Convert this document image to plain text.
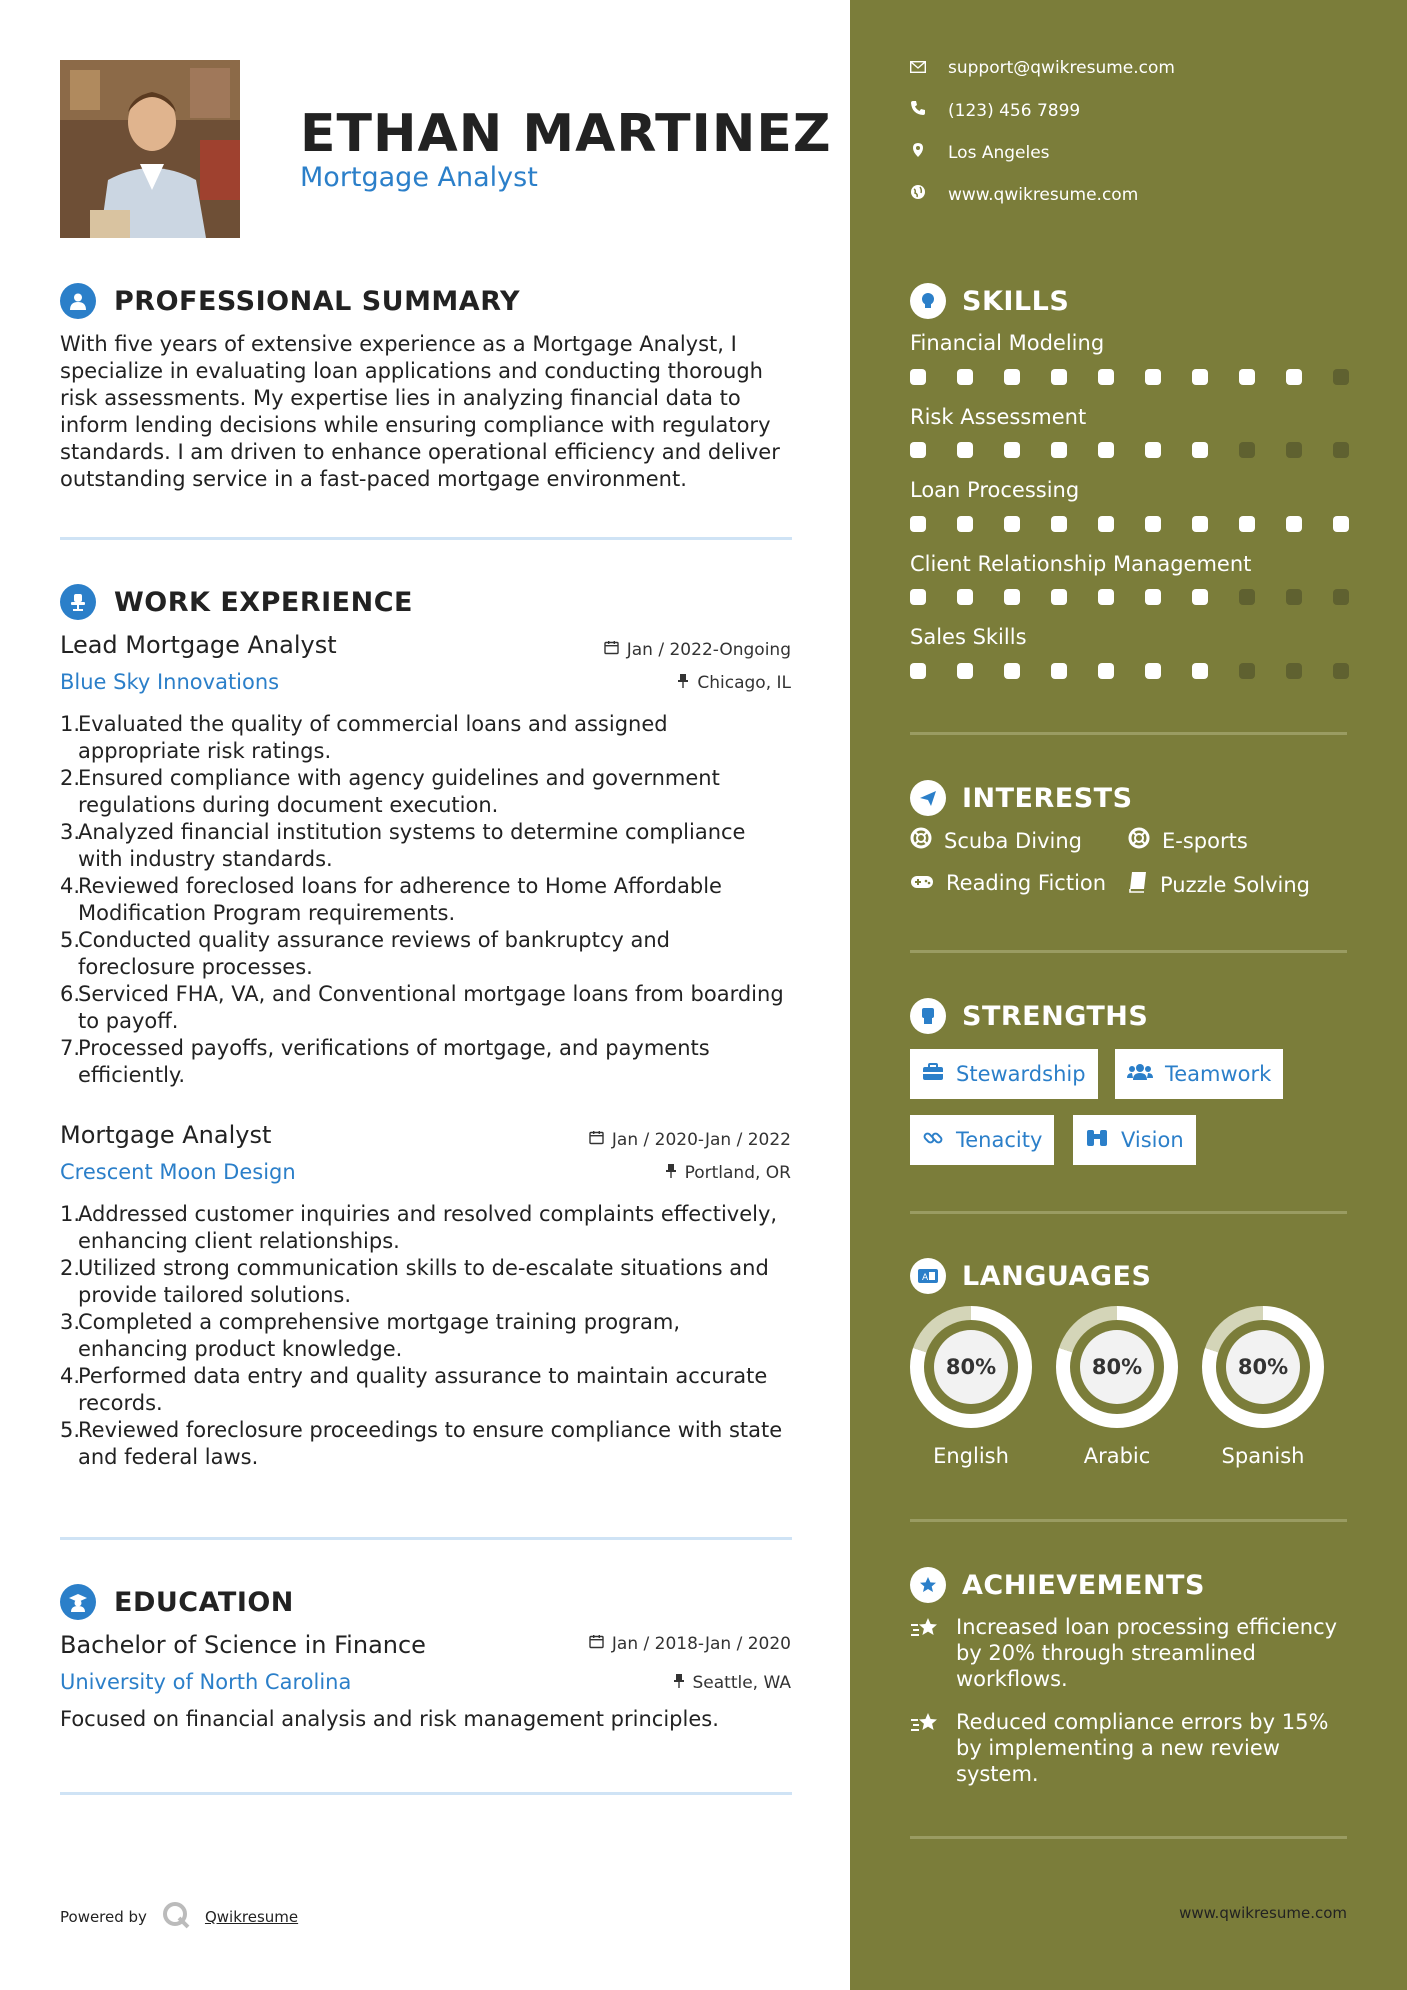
ETHAN MARTINEZ
Mortgage Analyst
PROFESSIONAL SUMMARY
With five years of extensive experience as a Mortgage Analyst, I specialize in evaluating loan applications and conducting thorough risk assessments. My expertise lies in analyzing financial data to inform lending decisions while ensuring compliance with regulatory standards. I am driven to enhance operational efficiency and deliver outstanding service in a fast-paced mortgage environment.
WORK EXPERIENCE
Lead Mortgage Analyst	Jan / 2022-Ongoing
Blue Sky Innovations	Chicago, IL
1.
Evaluated the quality of commercial loans and assigned appropriate risk ratings.
2.
Ensured compliance with agency guidelines and government regulations during document execution.
3.
Analyzed financial institution systems to determine compliance with industry standards.
4.
Reviewed foreclosed loans for adherence to Home Affordable Modification Program requirements.
5.
Conducted quality assurance reviews of bankruptcy and foreclosure processes.
6.
Serviced FHA, VA, and Conventional mortgage loans from boarding to payoff.
7.
Processed payoffs, verifications of mortgage, and payments efficiently.
Mortgage Analyst	Jan / 2020-Jan / 2022
Crescent Moon Design	Portland, OR
1.
Addressed customer inquiries and resolved complaints effectively, enhancing client relationships.
2.
Utilized strong communication skills to de-escalate situations and provide tailored solutions.
3.
Completed a comprehensive mortgage training program, enhancing product knowledge.
4.
Performed data entry and quality assurance to maintain accurate records.
5.
Reviewed foreclosure proceedings to ensure compliance with state and federal laws.
EDUCATION
Bachelor of Science in Finance	Jan / 2018-Jan / 2020
University of North Carolina	Seattle, WA
Focused on financial analysis and risk management principles.
Powered by	Qwikresume
support@qwikresume.com
(123) 456 7899
Los Angeles
www.qwikresume.com
SKILLS
Financial Modeling
Risk Assessment
Loan Processing
Client Relationship Management
Sales Skills
INTERESTS
Scuba Diving	E-sports
Reading Fiction	Puzzle Solving
STRENGTHS
Stewardship	Teamwork
Tenacity	Vision
A LANGUAGES
80%
English
80%
Arabic
80%
Spanish
ACHIEVEMENTS
Increased loan processing efficiency by 20% through streamlined workflows.
Reduced compliance errors by 15% by implementing a new review system.
www.qwikresume.com
